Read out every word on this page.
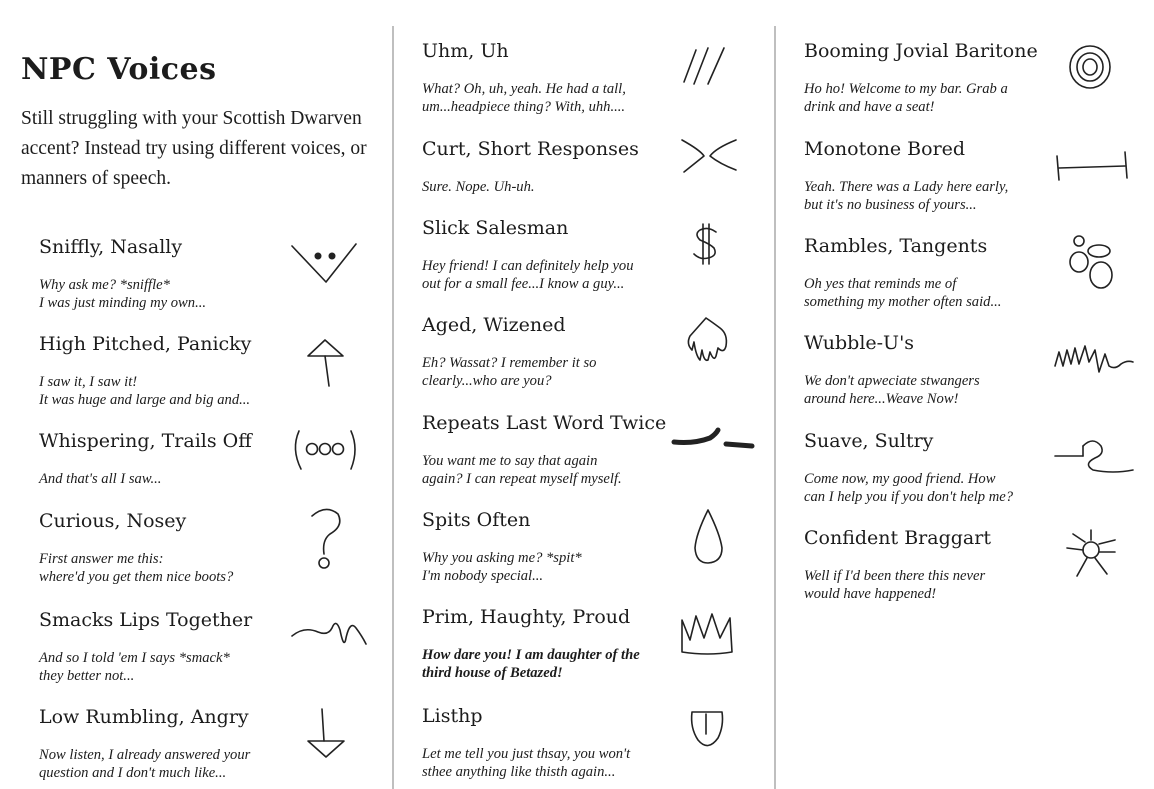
NPC Voices

Still struggling with your Scottish Dwarven accent? Instead try using different voices, or manners of speech.

Sniffly, Nasally

Why ask me? *sniffle*
I was just minding my own...

High Pitched, Panicky

I saw it, I saw it!
It was huge and large and big and...

Whispering, Trails Off

And that's all I saw...

Curious, Nosey

First answer me this:
where'd you get them nice boots?

Smacks Lips Together

And so I told 'em I says *smack*
they better not...

Low Rumbling, Angry

Now listen, I already answered your
question and I don't much like...

Uhm, Uh

What? Oh, uh, yeah. He had a tall,
um...headpiece thing? With, uhh....

Curt, Short Responses

Sure. Nope. Uh-uh.

Slick Salesman

Hey friend! I can definitely help you
out for a small fee...I know a guy...

Aged, Wizened

Eh? Wassat? I remember it so
clearly...who are you?

Repeats Last Word Twice

You want me to say that again
again? I can repeat myself myself.

Spits Often

Why you asking me? *spit*
I'm nobody special...

Prim, Haughty, Proud

How dare you! I am daughter of the
third house of Betazed!

Listhp

Let me tell you just thsay, you won't
sthee anything like thisth again...

Booming Jovial Baritone

Ho ho! Welcome to my bar. Grab a
drink and have a seat!

Monotone Bored

Yeah. There was a Lady here early,
but it's no business of yours...

Rambles, Tangents

Oh yes that reminds me of
something my mother often said...

Wubble-U's

We don't apweciate stwangers
around here...Weave Now!

Suave, Sultry

Come now, my good friend. How
can I help you if you don't help me?

Confident Braggart

Well if I'd been there this never
would have happened!
